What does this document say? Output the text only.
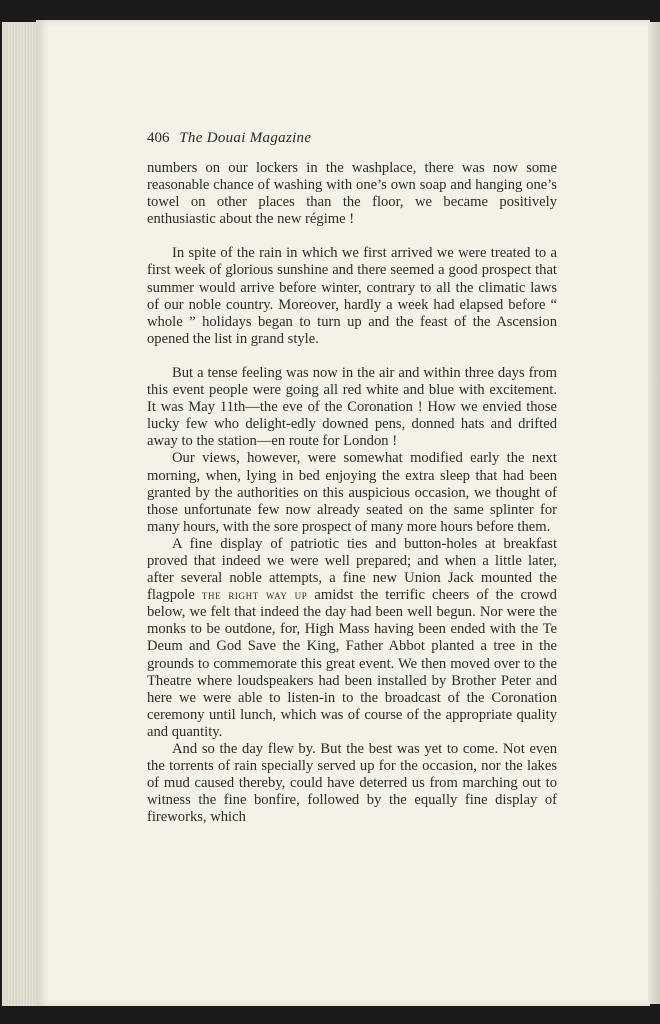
406 The Douai Magazine

numbers on our lockers in the washplace, there was now some reasonable chance of washing with one’s own soap and hanging one’s towel on other places than the floor, we became positively enthusiastic about the new régime !

In spite of the rain in which we first arrived we were treated to a first week of glorious sunshine and there seemed a good prospect that summer would arrive before winter, contrary to all the climatic laws of our noble country. Moreover, hardly a week had elapsed before “ whole ” holidays began to turn up and the feast of the Ascension opened the list in grand style.

But a tense feeling was now in the air and within three days from this event people were going all red white and blue with excitement. It was May 11th—the eve of the Coronation ! How we envied those lucky few who delight-edly downed pens, donned hats and drifted away to the station—en route for London !

Our views, however, were somewhat modified early the next morning, when, lying in bed enjoying the extra sleep that had been granted by the authorities on this auspicious occasion, we thought of those unfortunate few now already seated on the same splinter for many hours, with the sore prospect of many more hours before them.

A fine display of patriotic ties and button-holes at breakfast proved that indeed we were well prepared; and when a little later, after several noble attempts, a fine new Union Jack mounted the flagpole the right way up amidst the terrific cheers of the crowd below, we felt that indeed the day had been well begun. Nor were the monks to be outdone, for, High Mass having been ended with the Te Deum and God Save the King, Father Abbot planted a tree in the grounds to commemorate this great event. We then moved over to the Theatre where loudspeakers had been installed by Brother Peter and here we were able to listen-in to the broadcast of the Coronation ceremony until lunch, which was of course of the appropriate quality and quantity.

And so the day flew by. But the best was yet to come. Not even the torrents of rain specially served up for the occasion, nor the lakes of mud caused thereby, could have deterred us from marching out to witness the fine bonfire, followed by the equally fine display of fireworks, which
